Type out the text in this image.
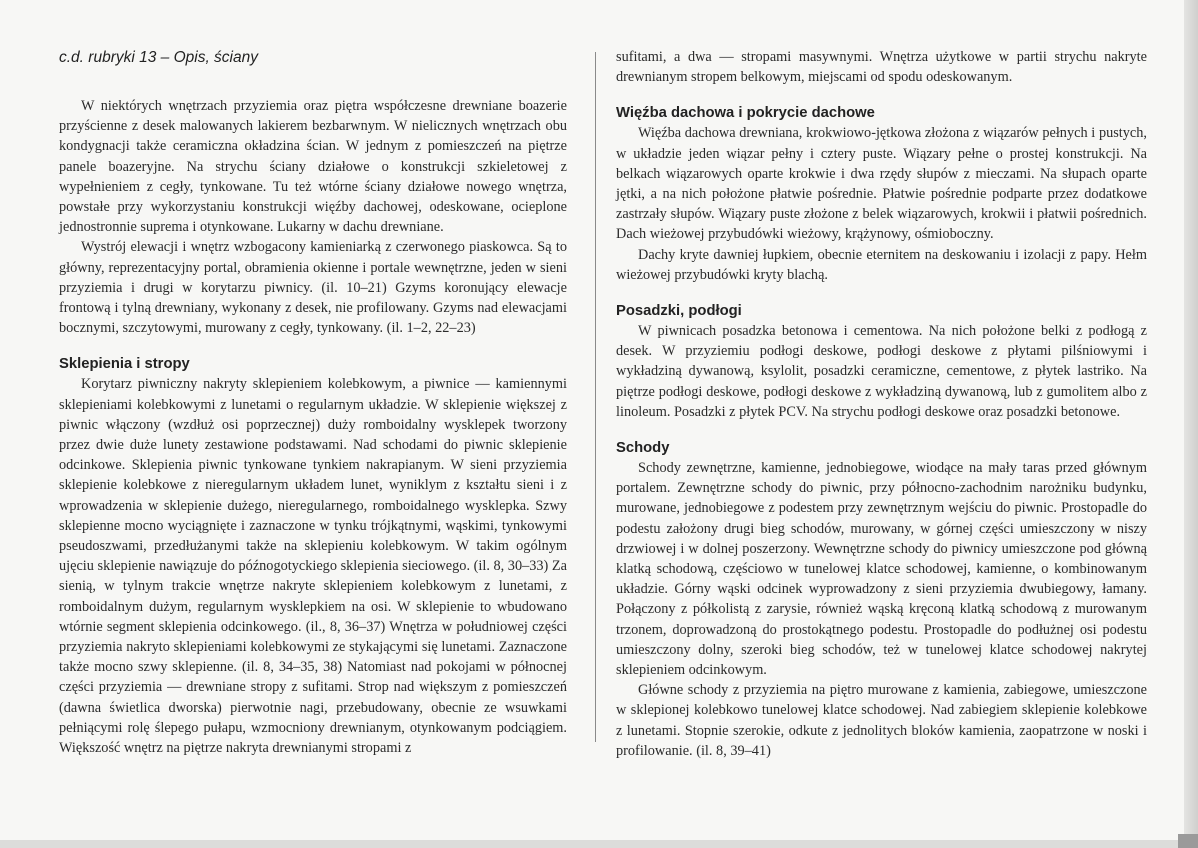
c.d. rubryki 13 – Opis, ściany

W niektórych wnętrzach przyziemia oraz piętra współczesne drewniane boazerie przyścienne z desek malowanych lakierem bezbarwnym. W nielicznych wnętrzach obu kondygnacji także ceramiczna okładzina ścian. W jednym z pomieszczeń na piętrze panele boazeryjne. Na strychu ściany działowe o konstrukcji szkieletowej z wypełnieniem z cegły, tynkowane. Tu też wtórne ściany działowe nowego wnętrza, powstałe przy wykorzystaniu konstrukcji więźby dachowej, odeskowane, ocieplone jednostronnie suprema i otynkowane. Lukarny w dachu drewniane.

Wystrój elewacji i wnętrz wzbogacony kamieniarką z czerwonego piaskowca. Są to główny, reprezentacyjny portal, obramienia okienne i portale wewnętrzne, jeden w sieni przyziemia i drugi w korytarzu piwnicy. (il. 10–21) Gzyms koronujący elewacje frontową i tylną drewniany, wykonany z desek, nie profilowany. Gzyms nad elewacjami bocznymi, szczytowymi, murowany z cegły, tynkowany. (il. 1–2, 22–23)

Sklepienia i stropy

Korytarz piwniczny nakryty sklepieniem kolebkowym, a piwnice — kamiennymi sklepieniami kolebkowymi z lunetami o regularnym układzie. W sklepienie większej z piwnic włączony (wzdłuż osi poprzecznej) duży romboidalny wysklepek tworzony przez dwie duże lunety zestawione podstawami. Nad schodami do piwnic sklepienie odcinkowe. Sklepienia piwnic tynkowane tynkiem nakrapianym. W sieni przyziemia sklepienie kolebkowe z nieregularnym układem lunet, wyniklym z kształtu sieni i z wprowadzenia w sklepienie dużego, nieregularnego, romboidalnego wysklepka. Szwy sklepienne mocno wyciągnięte i zaznaczone w tynku trójkątnymi, wąskimi, tynkowymi pseudoszwami, przedłużanymi także na sklepieniu kolebkowym. W takim ogólnym ujęciu sklepienie nawiązuje do późnogotyckiego sklepienia sieciowego. (il. 8, 30–33) Za sienią, w tylnym trakcie wnętrze nakryte sklepieniem kolebkowym z lunetami, z romboidalnym dużym, regularnym wysklepkiem na osi. W sklepienie to wbudowano wtórnie segment sklepienia odcinkowego. (il., 8, 36–37) Wnętrza w południowej części przyziemia nakryto sklepieniami kolebkowymi ze stykającymi się lunetami. Zaznaczone także mocno szwy sklepienne. (il. 8, 34–35, 38) Natomiast nad pokojami w północnej części przyziemia — drewniane stropy z sufitami. Strop nad większym z pomieszczeń (dawna świetlica dworska) pierwotnie nagi, przebudowany, obecnie ze wsuwkami pełniącymi rolę ślepego pułapu, wzmocniony drewnianym, otynkowanym podciągiem. Większość wnętrz na piętrze nakryta drewnianymi stropami z

sufitami, a dwa — stropami masywnymi. Wnętrza użytkowe w partii strychu nakryte drewnianym stropem belkowym, miejscami od spodu odeskowanym.

Więźba dachowa i pokrycie dachowe

Więźba dachowa drewniana, krokwiowo-jętkowa złożona z wiązarów pełnych i pustych, w układzie jeden wiązar pełny i cztery puste. Wiązary pełne o prostej konstrukcji. Na belkach wiązarowych oparte krokwie i dwa rzędy słupów z mieczami. Na słupach oparte jętki, a na nich położone płatwie pośrednie. Płatwie pośrednie podparte przez dodatkowe zastrzały słupów. Wiązary puste złożone z belek wiązarowych, krokwii i płatwii pośrednich. Dach wieżowej przybudówki wieżowy, krążynowy, ośmioboczny.

Dachy kryte dawniej łupkiem, obecnie eternitem na deskowaniu i izolacji z papy. Hełm wieżowej przybudówki kryty blachą.

Posadzki, podłogi

W piwnicach posadzka betonowa i cementowa. Na nich położone belki z podłogą z desek. W przyziemiu podłogi deskowe, podłogi deskowe z płytami pilśniowymi i wykładziną dywanową, ksylolit, posadzki ceramiczne, cementowe, z płytek lastriko. Na piętrze podłogi deskowe, podłogi deskowe z wykładziną dywanową, lub z gumolitem albo z linoleum. Posadzki z płytek PCV. Na strychu podłogi deskowe oraz posadzki betonowe.

Schody

Schody zewnętrzne, kamienne, jednobiegowe, wiodące na mały taras przed głównym portalem. Zewnętrzne schody do piwnic, przy północno-zachodnim narożniku budynku, murowane, jednobiegowe z podestem przy zewnętrznym wejściu do piwnic. Prostopadle do podestu założony drugi bieg schodów, murowany, w górnej części umieszczony w niszy drzwiowej i w dolnej poszerzony. Wewnętrzne schody do piwnicy umieszczone pod główną klatką schodową, częściowo w tunelowej klatce schodowej, kamienne, o kombinowanym układzie. Górny wąski odcinek wyprowadzony z sieni przyziemia dwubiegowy, łamany. Połączony z półkolistą z zarysie, również wąską kręconą klatką schodową z murowanym trzonem, doprowadzoną do prostokątnego podestu. Prostopadle do podłużnej osi podestu umieszczony dolny, szeroki bieg schodów, też w tunelowej klatce schodowej nakrytej sklepieniem odcinkowym.

Główne schody z przyziemia na piętro murowane z kamienia, zabiegowe, umieszczone w sklepionej kolebkowo tunelowej klatce schodowej. Nad zabiegiem sklepienie kolebkowe z lunetami. Stopnie szerokie, odkute z jednolitych bloków kamienia, zaopatrzone w noski i profilowanie. (il. 8, 39–41)
